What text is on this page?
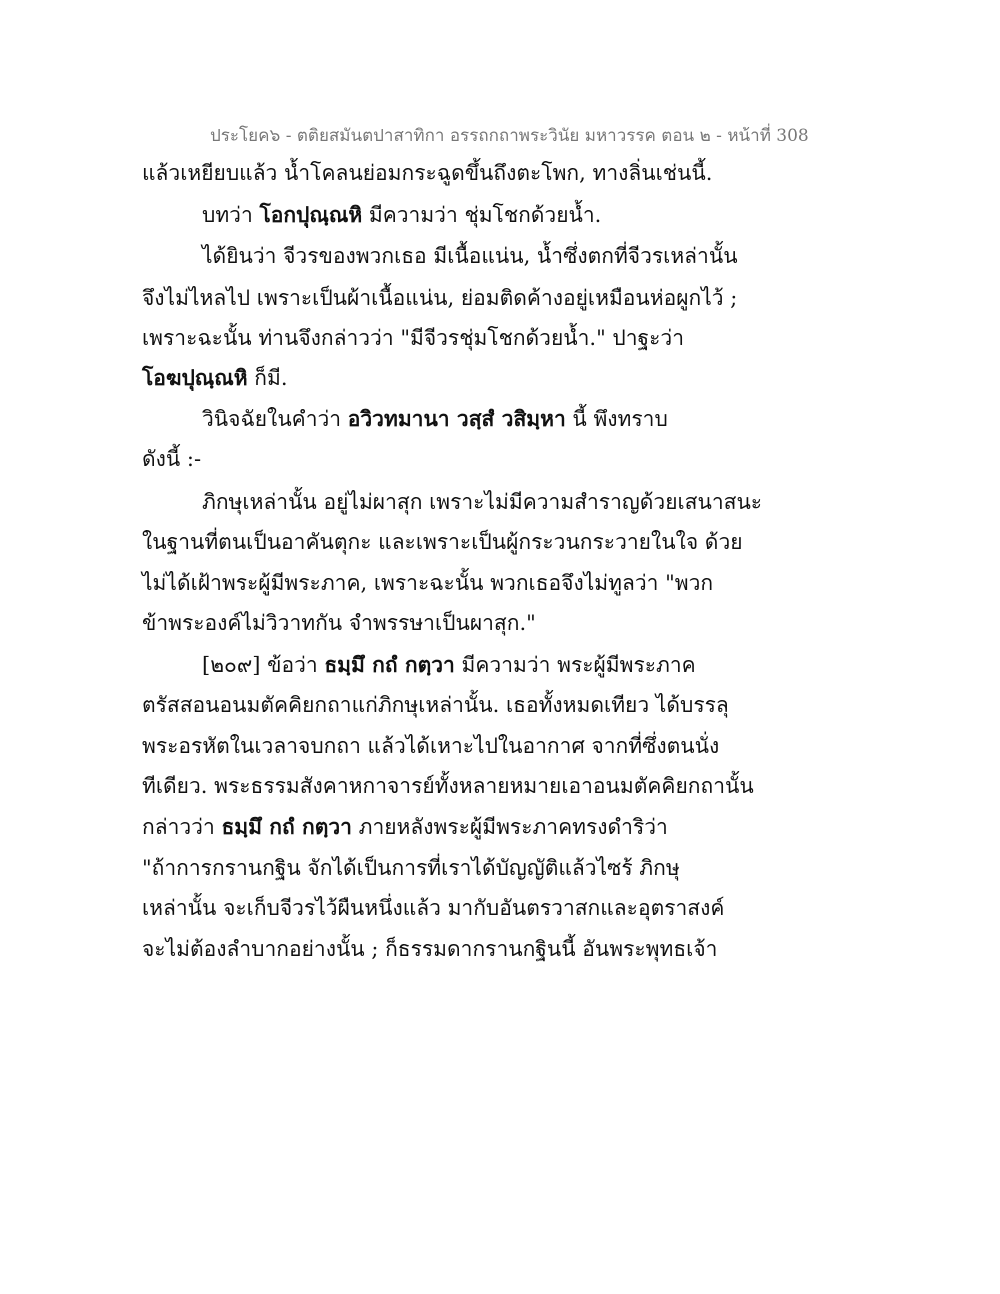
ประโยค๖ - ตติยสมันตปาสาทิกา อรรถกถาพระวินัย มหาวรรค ตอน ๒ - หน้าที่ 308
แล้วเหยียบแล้ว น้ำโคลนย่อมกระฉูดขึ้นถึงตะโพก, ทางลิ่นเช่นนี้.
บทว่า โอกปุณฺณหิ มีความว่า ชุ่มโชกด้วยน้ำ.
ได้ยินว่า จีวรของพวกเธอ มีเนื้อแน่น, น้ำซึ่งตกที่จีวรเหล่านั้น
จึงไม่ไหลไป เพราะเป็นผ้าเนื้อแน่น, ย่อมติดค้างอยู่เหมือนห่อผูกไว้ ;
เพราะฉะนั้น ท่านจึงกล่าวว่า "มีจีวรชุ่มโชกด้วยน้ำ." ปาฐะว่า
โอฆปุณฺณหิ ก็มี.
วินิจฉัยในคำว่า อวิวทมานา วสฺสํ วสิมฺหา นี้ พึงทราบ
ดังนี้ :-
ภิกษุเหล่านั้น อยู่ไม่ผาสุก เพราะไม่มีความสำราญด้วยเสนาสนะ
ในฐานที่ตนเป็นอาคันตุกะ และเพราะเป็นผู้กระวนกระวายในใจ ด้วย
ไม่ได้เฝ้าพระผู้มีพระภาค, เพราะฉะนั้น พวกเธอจึงไม่ทูลว่า "พวก
ข้าพระองค์ไม่วิวาทกัน จำพรรษาเป็นผาสุก."
[๒๐๙] ข้อว่า ธมฺมึ กถํ กตฺวา มีความว่า พระผู้มีพระภาค
ตรัสสอนอนมตัคคิยกถาแก่ภิกษุเหล่านั้น. เธอทั้งหมดเทียว ได้บรรลุ
พระอรหัตในเวลาจบกถา แล้วได้เหาะไปในอากาศ จากที่ซึ่งตนนั่ง
ทีเดียว. พระธรรมสังคาหกาจารย์ทั้งหลายหมายเอาอนมตัคคิยกถานั้น
กล่าวว่า ธมฺมึ กถํ กตฺวา ภายหลังพระผู้มีพระภาคทรงดำริว่า
"ถ้าการกรานกฐิน จักได้เป็นการที่เราได้บัญญัติแล้วไซร้ ภิกษุ
เหล่านั้น จะเก็บจีวรไว้ผืนหนึ่งแล้ว มากับอันตรวาสกและอุตราสงค์
จะไม่ต้องลำบากอย่างนั้น ; ก็ธรรมดากรานกฐินนี้ อันพระพุทธเจ้า
